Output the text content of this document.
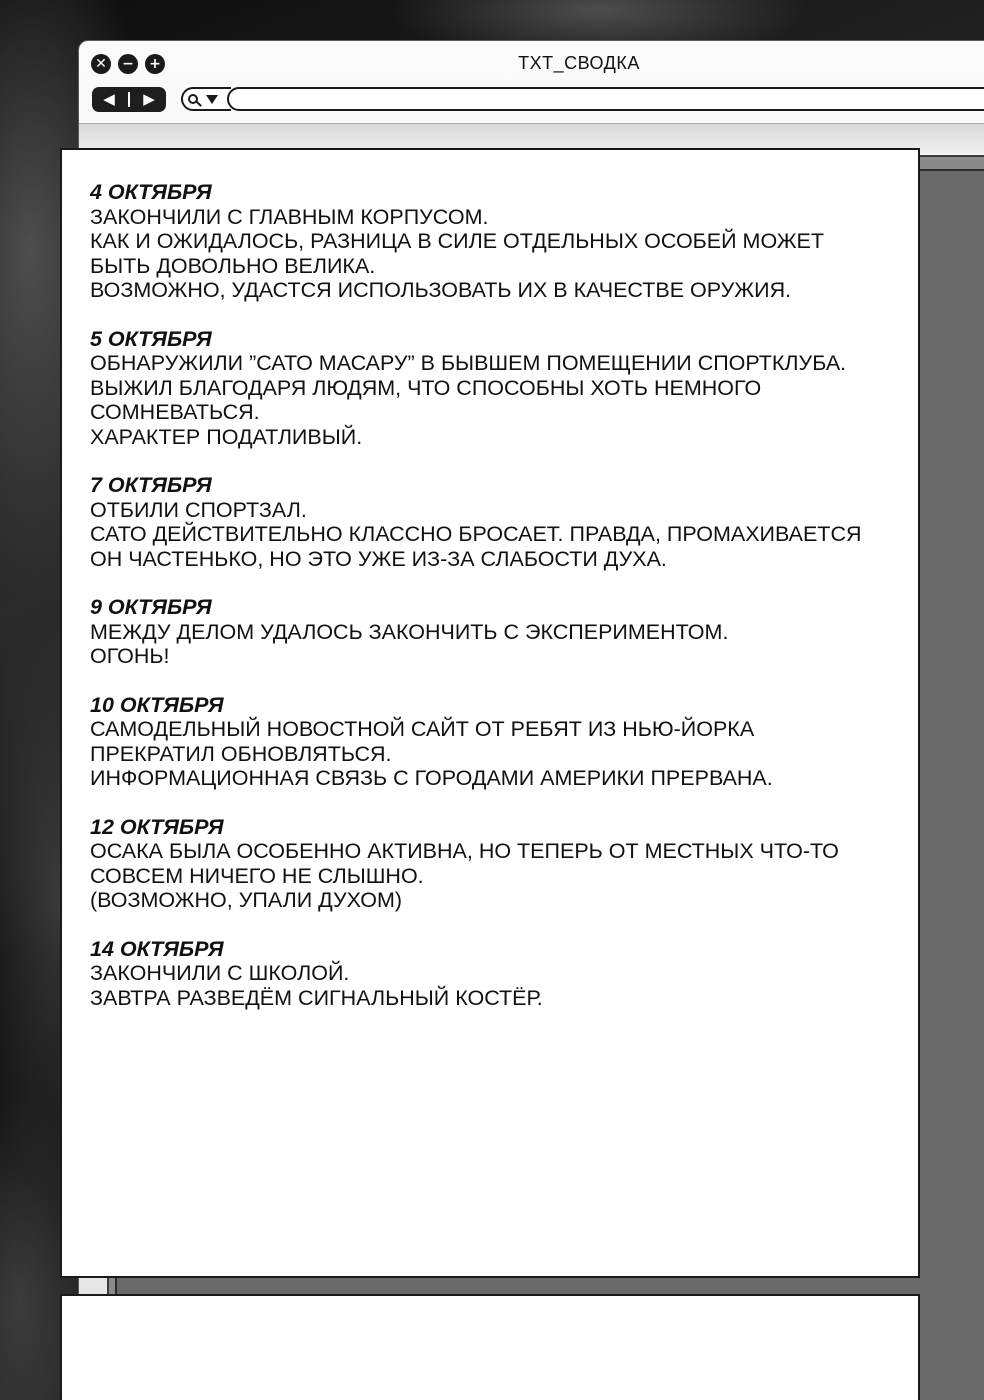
✕ − +	TXT_СВОДКА
◀	▶
4 ОКТЯБРЯ
ЗАКОНЧИЛИ С ГЛАВНЫМ КОРПУСОМ.
КАК И ОЖИДАЛОСЬ, РАЗНИЦА В СИЛЕ ОТДЕЛЬНЫХ ОСОБЕЙ МОЖЕТ
БЫТЬ ДОВОЛЬНО ВЕЛИКА.
ВОЗМОЖНО, УДАСТСЯ ИСПОЛЬЗОВАТЬ ИХ В КАЧЕСТВЕ ОРУЖИЯ.
5 ОКТЯБРЯ
ОБНАРУЖИЛИ ”САТО МАСАРУ” В БЫВШЕМ ПОМЕЩЕНИИ СПОРТКЛУБА.
ВЫЖИЛ БЛАГОДАРЯ ЛЮДЯМ, ЧТО СПОСОБНЫ ХОТЬ НЕМНОГО
СОМНЕВАТЬСЯ.
ХАРАКТЕР ПОДАТЛИВЫЙ.
7 ОКТЯБРЯ
ОТБИЛИ СПОРТЗАЛ.
САТО ДЕЙСТВИТЕЛЬНО КЛАССНО БРОСАЕТ. ПРАВДА, ПРОМАХИВАЕТСЯ
ОН ЧАСТЕНЬКО, НО ЭТО УЖЕ ИЗ-ЗА СЛАБОСТИ ДУХА.
9 ОКТЯБРЯ
МЕЖДУ ДЕЛОМ УДАЛОСЬ ЗАКОНЧИТЬ С ЭКСПЕРИМЕНТОМ.
ОГОНЬ!
10 ОКТЯБРЯ
САМОДЕЛЬНЫЙ НОВОСТНОЙ САЙТ ОТ РЕБЯТ ИЗ НЬЮ-ЙОРКА
ПРЕКРАТИЛ ОБНОВЛЯТЬСЯ.
ИНФОРМАЦИОННАЯ СВЯЗЬ С ГОРОДАМИ АМЕРИКИ ПРЕРВАНА.
12 ОКТЯБРЯ
ОСАКА БЫЛА ОСОБЕННО АКТИВНА, НО ТЕПЕРЬ ОТ МЕСТНЫХ ЧТО-ТО
СОВСЕМ НИЧЕГО НЕ СЛЫШНО.
(ВОЗМОЖНО, УПАЛИ ДУХОМ)
14 ОКТЯБРЯ
ЗАКОНЧИЛИ С ШКОЛОЙ.
ЗАВТРА РАЗВЕДЁМ СИГНАЛЬНЫЙ КОСТЁР.
